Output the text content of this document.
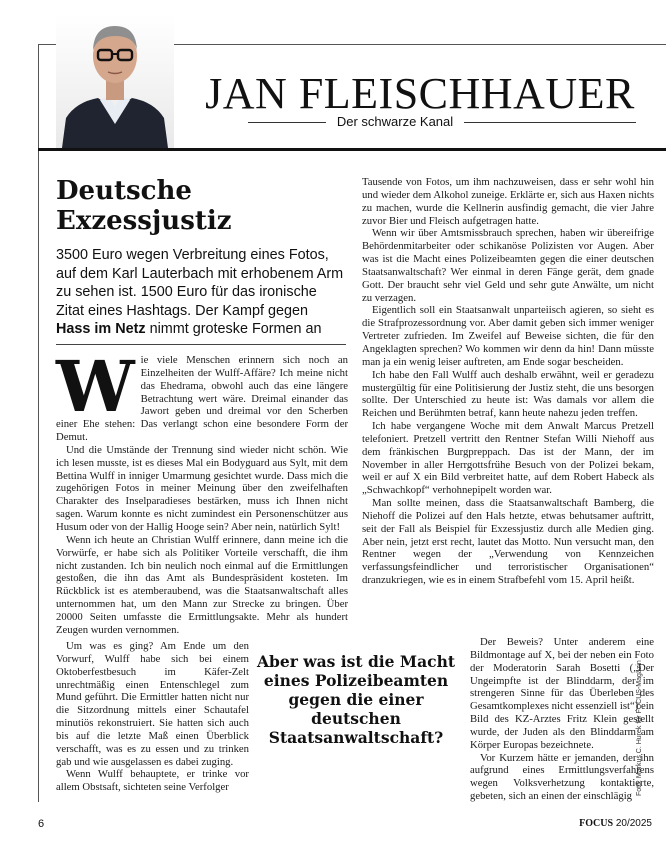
JAN FLEISCHHAUER
Der schwarze Kanal
Deutsche Exzessjustiz
3500 Euro wegen Verbreitung eines Fotos, auf dem Karl Lauterbach mit erhobenem Arm zu sehen ist. 1500 Euro für das ironische Zitat eines Hashtags. Der Kampf gegen Hass im Netz nimmt groteske Formen an

Wie viele Menschen erinnern sich noch an Einzelheiten der Wulff-Affäre? Ich meine nicht das Ehedrama, obwohl auch das eine längere Betrachtung wert wäre. Dreimal einander das Jawort geben und dreimal vor den Scherben einer Ehe stehen: Das verlangt schon eine besondere Form der Demut.

Und die Umstände der Trennung sind wieder nicht schön. Wie ich lesen musste, ist es dieses Mal ein Bodyguard aus Sylt, mit dem Bettina Wulff in inniger Umarmung gesichtet wurde. Dass mich die zugehörigen Fotos in meiner Meinung über den zweifelhaften Charakter des Inselparadieses bestärken, muss ich Ihnen nicht sagen. Warum konnte es nicht zumindest ein Personenschützer aus Husum oder von der Hallig Hooge sein? Aber nein, natürlich Sylt!

Wenn ich heute an Christian Wulff erinnere, dann meine ich die Vorwürfe, er habe sich als Politiker Vorteile verschafft, die ihm nicht zustanden. Ich bin neulich noch einmal auf die Ermittlungen gestoßen, die ihn das Amt als Bundespräsident kosteten. Im Rückblick ist es atemberaubend, was die Staatsanwaltschaft alles unternommen hat, um den Mann zur Strecke zu bringen. Über 20000 Seiten umfasste die Ermittlungsakte. Mehr als hundert Zeugen wurden vernommen.

Um was es ging? Am Ende um den Vorwurf, Wulff habe sich bei einem Oktoberfestbesuch im Käfer-Zelt unrechtmäßig einen Entenschlegel zum Mund geführt. Die Ermittler hatten nicht nur die Sitzordnung mittels einer Schautafel minutiös rekonstruiert. Sie hatten sich auch bis auf die letzte Maß einen Überblick verschafft, was es zu essen und zu trinken gab und wie ausgelassen es dabei zuging.

Wenn Wulff behauptete, er trinke vor allem Obstsaft, sichteten seine Verfolger

Aber was ist die Macht eines Polizeibeamten gegen die einer deutschen Staatsanwaltschaft?

Tausende von Fotos, um ihm nachzuweisen, dass er sehr wohl hin und wieder dem Alkohol zuneige. Erklärte er, sich aus Haxen nichts zu machen, wurde die Kellnerin ausfindig gemacht, die vier Jahre zuvor Bier und Fleisch aufgetragen hatte.

Wenn wir über Amtsmissbrauch sprechen, haben wir übereifrige Behördenmitarbeiter oder schikanöse Polizisten vor Augen. Aber was ist die Macht eines Polizeibeamten gegen die einer deutschen Staatsanwaltschaft? Wer einmal in deren Fänge gerät, dem gnade Gott. Der braucht sehr viel Geld und sehr gute Anwälte, um nicht zu verzagen.

Eigentlich soll ein Staatsanwalt unparteiisch agieren, so sieht es die Strafprozessordnung vor. Aber damit geben sich immer weniger Vertreter zufrieden. Im Zweifel auf Beweise sichten, die für den Angeklagten sprechen? Wo kommen wir denn da hin! Dann müsste man ja ein wenig leiser auftreten, am Ende sogar bescheiden.

Ich habe den Fall Wulff auch deshalb erwähnt, weil er geradezu mustergültig für eine Politisierung der Justiz steht, die uns besorgen sollte. Der Unterschied zu heute ist: Was damals vor allem die Reichen und Berühmten betraf, kann heute nahezu jeden treffen.

Ich habe vergangene Woche mit dem Anwalt Marcus Pretzell telefoniert. Pretzell vertritt den Rentner Stefan Willi Niehoff aus dem fränkischen Burgpreppach. Das ist der Mann, der im November in aller Herrgottsfrühe Besuch von der Polizei bekam, weil er auf X ein Bild verbreitet hatte, auf dem Robert Habeck als „Schwachkopf“ verhohnepipelt worden war.

Man sollte meinen, dass die Staatsanwaltschaft Bamberg, die Niehoff die Polizei auf den Hals hetzte, etwas behutsamer auftritt, seit der Fall als Beispiel für Exzessjustiz durch alle Medien ging. Aber nein, jetzt erst recht, lautet das Motto. Nun versucht man, den Rentner wegen der „Verwendung von Kennzeichen verfassungsfeindlicher und terroristischer Organisationen“ dranzukriegen, wie es in einem Strafbefehl vom 15. April heißt.

Der Beweis? Unter anderem eine Bildmontage auf X, bei der neben ein Foto der Moderatorin Sarah Bosetti („Der Ungeimpfte ist der Blinddarm, der im strengeren Sinne für das Überleben des Gesamtkomplexes nicht essenziell ist“) ein Bild des KZ-Arztes Fritz Klein gestellt wurde, der Juden als den Blinddarm am Körper Europas bezeichnete.

Vor Kurzem hätte er jemanden, der ihn aufgrund eines Ermittlungsverfahrens wegen Volksverhetzung kontaktierte, gebeten, sich an einen der einschlägig

Foto: Markus C. Hurek für FOCUS-Magazin
6	FOCUS 20/2025
